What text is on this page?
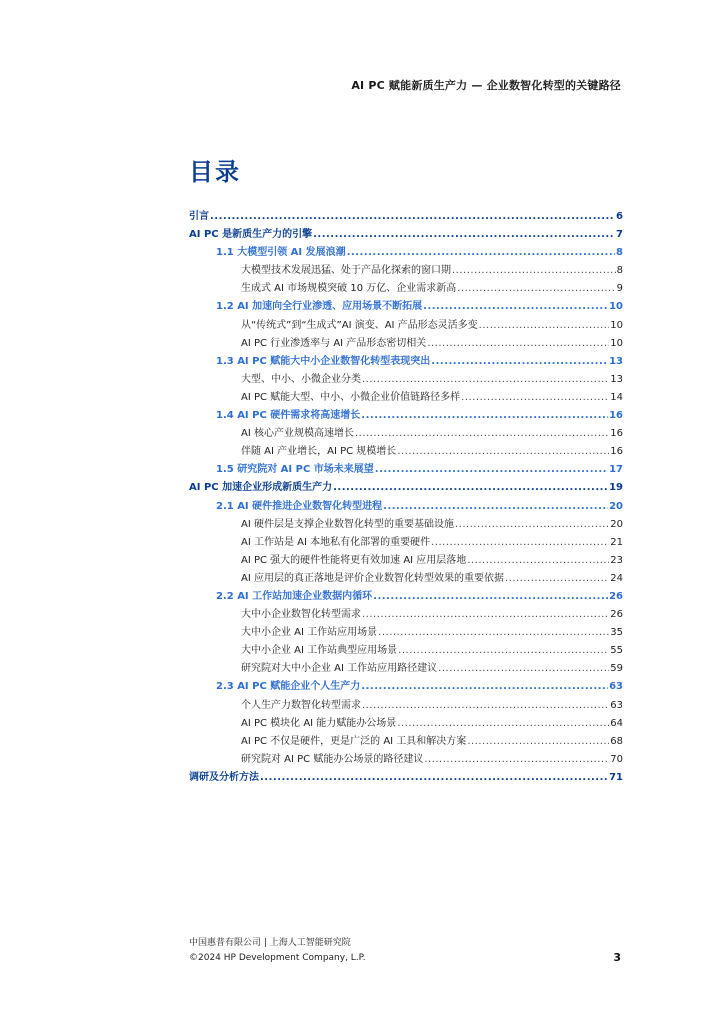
AI PC 赋能新质生产力 — 企业数智化转型的关键路径
目录
引言 .....	6
AI PC 是新质生产力的引擎 .....	7
1.1 大模型引领 AI 发展浪潮 .....	8
大模型技术发展迅猛、处于产品化探索的窗口期 .....	8
生成式 AI 市场规模突破 10 万亿、企业需求新高 .....	9
1.2 AI 加速向全行业渗透、应用场景不断拓展 .....	10
从“传统式”到“生成式”AI 演变、AI 产品形态灵活多变 .....	10
AI PC 行业渗透率与 AI 产品形态密切相关 .....	10
1.3 AI PC 赋能大中小企业数智化转型表现突出 .....	13
大型、中小、小微企业分类 .....	13
AI PC 赋能大型、中小、小微企业价值链路径多样 .....	14
1.4 AI PC 硬件需求将高速增长 .....	16
AI 核心产业规模高速增长 .....	16
伴随 AI 产业增长，AI PC 规模增长 .....	16
1.5 研究院对 AI PC 市场未来展望 .....	17
AI PC 加速企业形成新质生产力 .....	19
2.1 AI 硬件推进企业数智化转型进程 .....	20
AI 硬件层是支撑企业数智化转型的重要基础设施 .....	20
AI 工作站是 AI 本地私有化部署的重要硬件 .....	21
AI PC 强大的硬件性能将更有效加速 AI 应用层落地 .....	23
AI 应用层的真正落地是评价企业数智化转型效果的重要依据 .....	24
2.2 AI 工作站加速企业数据内循环 .....	26
大中小企业数智化转型需求 .....	26
大中小企业 AI 工作站应用场景 .....	35
大中小企业 AI 工作站典型应用场景 .....	55
研究院对大中小企业 AI 工作站应用路径建议 .....	59
2.3 AI PC 赋能企业个人生产力 .....	63
个人生产力数智化转型需求 .....	63
AI PC 模块化 AI 能力赋能办公场景 .....	64
AI PC 不仅是硬件，更是广泛的 AI 工具和解决方案 .....	68
研究院对 AI PC 赋能办公场景的路径建议 .....	70
调研及分析方法 .....	71
中国惠普有限公司 | 上海人工智能研究院
©2024 HP Development Company, L.P.	3
